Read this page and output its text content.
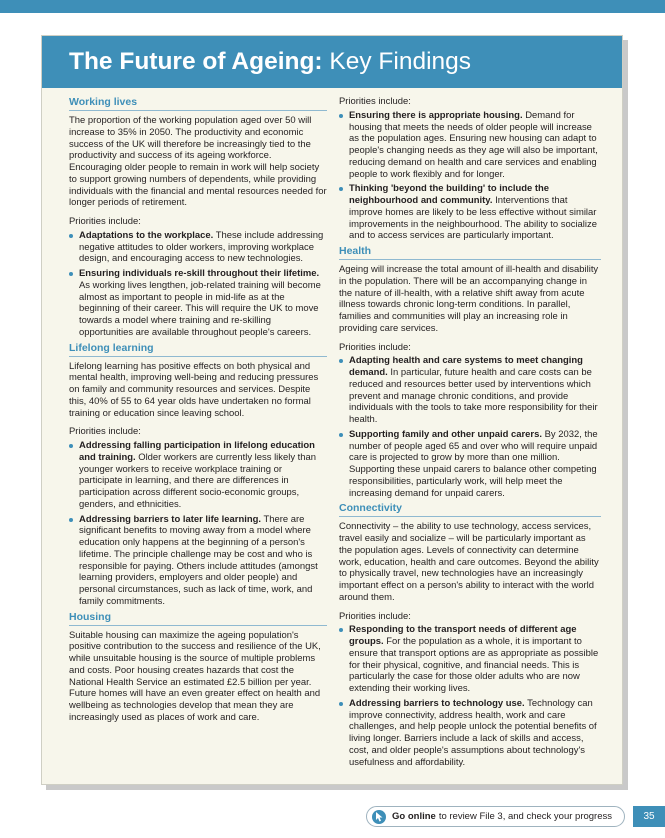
The Future of Ageing:
Key Findings
Working lives

The proportion of the working population aged over 50 will increase to 35% in 2050. The productivity and economic success of the UK will therefore be increasingly tied to the productivity and success of its ageing workforce. Encouraging older people to remain in work will help society to support growing numbers of dependents, while providing individuals with the financial and mental resources needed for longer periods of retirement.

Priorities include:

Adaptations to the workplace. These include addressing negative attitudes to older workers, improving workplace design, and encouraging access to new technologies.
Ensuring individuals re-skill throughout their lifetime. As working lives lengthen, job-related training will become almost as important to people in mid-life as at the beginning of their career. This will require the UK to move towards a model where training and re-skilling opportunities are available throughout people's careers.
Lifelong learning

Lifelong learning has positive effects on both physical and mental health, improving well-being and reducing pressures on family and community resources and services. Despite this, 40% of 55 to 64 year olds have undertaken no formal training or education since leaving school.

Priorities include:

Addressing falling participation in lifelong education and training. Older workers are currently less likely than younger workers to receive workplace training or participate in learning, and there are differences in participation across different socio-economic groups, genders, and ethnicities.
Addressing barriers to later life learning. There are significant benefits to moving away from a model where education only happens at the beginning of a person's lifetime. The principle challenge may be cost and who is responsible for paying. Others include attitudes (amongst learning providers, employers and older people) and personal circumstances, such as lack of time, work, and family commitments.
Housing

Suitable housing can maximize the ageing population's positive contribution to the success and resilience of the UK, while unsuitable housing is the source of multiple problems and costs. Poor housing creates hazards that cost the National Health Service an estimated £2.5 billion per year. Future homes will have an even greater effect on health and wellbeing as technologies develop that mean they are increasingly used as places of work and care.

Priorities include:

Ensuring there is appropriate housing. Demand for housing that meets the needs of older people will increase as the population ages. Ensuring new housing can adapt to people's changing needs as they age will also be important, reducing demand on health and care services and enabling people to work flexibly and for longer.
Thinking 'beyond the building' to include the neighbourhood and community. Interventions that improve homes are likely to be less effective without similar improvements in the neighbourhood. The ability to socialize and to access services are particularly important.
Health

Ageing will increase the total amount of ill-health and disability in the population. There will be an accompanying change in the nature of ill-health, with a relative shift away from acute illness towards chronic long-term conditions. In parallel, families and communities will play an increasing role in providing care services.

Priorities include:

Adapting health and care systems to meet changing demand. In particular, future health and care costs can be reduced and resources better used by interventions which prevent and manage chronic conditions, and provide individuals with the tools to take more responsibility for their health.
Supporting family and other unpaid carers. By 2032, the number of people aged 65 and over who will require unpaid care is projected to grow by more than one million. Supporting these unpaid carers to balance other competing responsibilities, particularly work, will help meet the increasing demand for unpaid carers.
Connectivity

Connectivity – the ability to use technology, access services, travel easily and socialize – will be particularly important as the population ages. Levels of connectivity can determine work, education, health and care outcomes. Beyond the ability to physically travel, new technologies have an increasingly important effect on a person's ability to interact with the world around them.

Priorities include:

Responding to the transport needs of different age groups. For the population as a whole, it is important to ensure that transport options are as appropriate as possible for their physical, cognitive, and financial needs. This is particularly the case for those older adults who are now extending their working lives.
Addressing barriers to technology use. Technology can improve connectivity, address health, work and care challenges, and help people unlock the potential benefits of living longer. Barriers include a lack of skills and access, cost, and older people's assumptions about technology's usefulness and affordability.
Go online to review File 3, and check your progress	35
